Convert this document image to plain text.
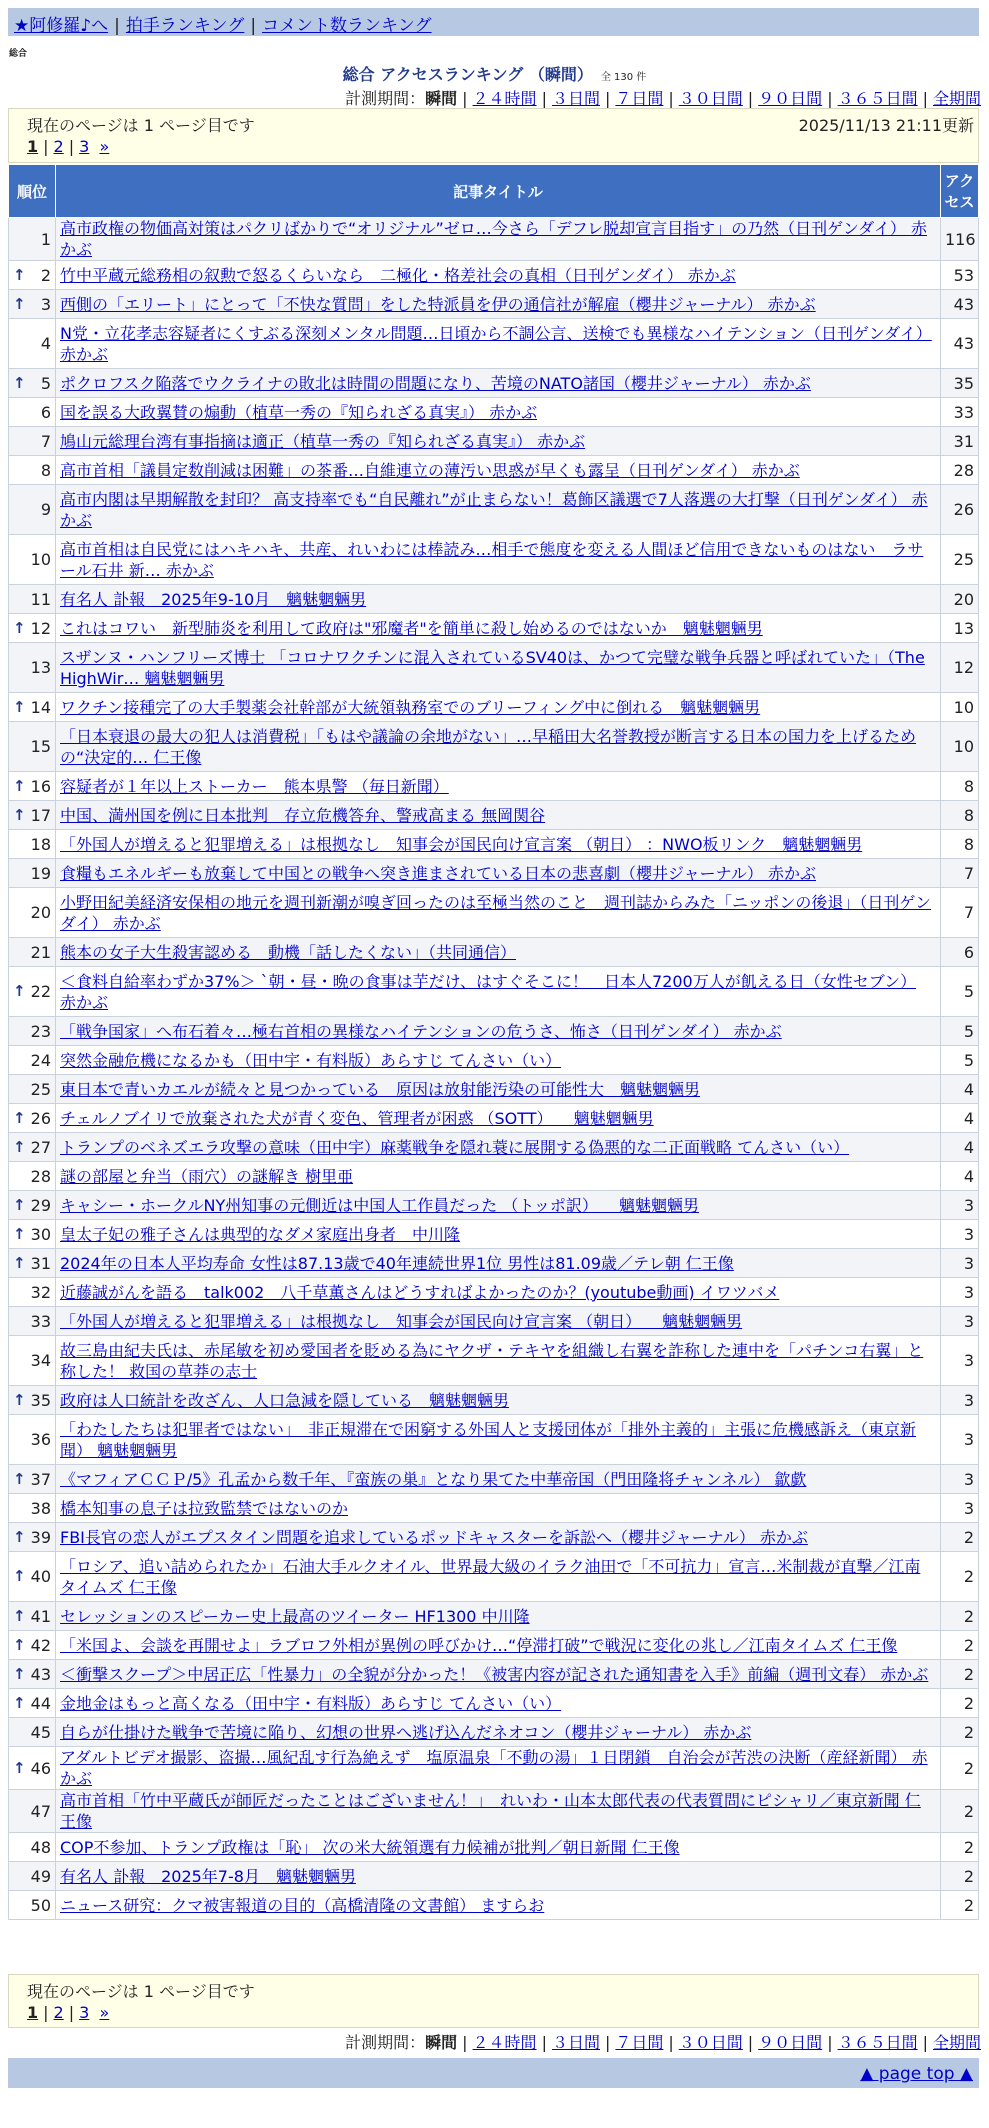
★阿修羅♪へ | 拍手ランキング | コメント数ランキング
総合
総合 アクセスランキング （瞬間） 全 130 件
計測期間：瞬間 | ２４時間 | ３日間 | ７日間 | ３０日間 | ９０日間 | ３６５日間 | 全期間
現在のページは 1 ページ目です	2025/11/13 21:11更新
1 | 2 | 3 »
順位	記事タイトル	アクセス
1	高市政権の物価高対策はパクリばかりで“オリジナル”ゼロ…今さら「デフレ脱却宣言目指す」の乃然（日刊ゲンダイ） 赤かぶ	116

↑ 2	竹中平蔵元総務相の叙勲で怒るくらいなら　二極化・格差社会の真相（日刊ゲンダイ） 赤かぶ	53

↑ 3	西側の「エリート」にとって「不快な質問」をした特派員を伊の通信社が解雇（櫻井ジャーナル） 赤かぶ	43
4	N党・立花孝志容疑者にくすぶる深刻メンタル問題…日頃から不調公言、送検でも異様なハイテンション（日刊ゲンダイ） 赤かぶ	43

↑ 5	ポクロフスク陥落でウクライナの敗北は時間の問題になり、苦境のNATO諸国（櫻井ジャーナル） 赤かぶ	35
6	国を誤る大政翼賛の煽動（植草一秀の『知られざる真実』） 赤かぶ	33
7	鳩山元総理台湾有事指摘は適正（植草一秀の『知られざる真実』） 赤かぶ	31
8	高市首相「議員定数削減は困難」の茶番…自維連立の薄汚い思惑が早くも露呈（日刊ゲンダイ） 赤かぶ	28
9	高市内閣は早期解散を封印？ 高支持率でも“自民離れ”が止まらない！葛飾区議選で7人落選の大打撃（日刊ゲンダイ） 赤かぶ	26
10	高市首相は自民党にはハキハキ、共産、れいわには棒読み…相手で態度を変える人間ほど信用できないものはない　ラサール石井 新… 赤かぶ	25
11	有名人 訃報　2025年9-10月　魑魅魍魎男	20

↑ 12	これはコワい　新型肺炎を利用して政府は"邪魔者"を簡単に殺し始めるのではないか　魑魅魍魎男	13
13	スザンヌ・ハンフリーズ博士 「コロナワクチンに混入されているSV40は、かつて完璧な戦争兵器と呼ばれていた」（The HighWir… 魑魅魍魎男	12

↑ 14	ワクチン接種完了の大手製薬会社幹部が大統領執務室でのブリーフィング中に倒れる　魑魅魍魎男	10
15	「日本衰退の最大の犯人は消費税」「もはや議論の余地がない」…早稲田大名誉教授が断言する日本の国力を上げるための“決定的… 仁王像	10

↑ 16	容疑者が１年以上ストーカー　熊本県警 （毎日新聞）	8

↑ 17	中国、満州国を例に日本批判　存立危機答弁、警戒高まる 無岡関谷	8
18	「外国人が増えると犯罪増える」は根拠なし　知事会が国民向け宣言案 （朝日） ：NWO板リンク　魑魅魍魎男	8
19	食糧もエネルギーも放棄して中国との戦争へ突き進まされている日本の悲喜劇（櫻井ジャーナル） 赤かぶ	7
20	小野田紀美経済安保相の地元を週刊新潮が嗅ぎ回ったのは至極当然のこと　週刊誌からみた「ニッポンの後退」（日刊ゲンダイ） 赤かぶ	7
21	熊本の女子大生殺害認める　動機「話したくない」（共同通信）	6

↑ 22	＜食料自給率わずか37%＞ `朝・昼・晩の食事は芋だけ、はすぐそこに！　日本人7200万人が飢える日（女性セブン） 赤かぶ	5
23	「戦争国家」へ布石着々…極右首相の異様なハイテンションの危うさ、怖さ（日刊ゲンダイ） 赤かぶ	5
24	突然金融危機になるかも（田中宇・有料版）あらすじ てんさい（い）	5
25	東日本で青いカエルが続々と見つかっている　原因は放射能汚染の可能性大　魑魅魍魎男	4

↑ 26	チェルノブイリで放棄された犬が青く変色、管理者が困惑 （SOTT） 　魑魅魍魎男	4

↑ 27	トランプのベネズエラ攻撃の意味（田中宇）麻薬戦争を隠れ蓑に展開する偽悪的な二正面戦略 てんさい（い）	4
28	謎の部屋と弁当（雨穴）の謎解き 樹里亜	4

↑ 29	キャシー・ホークルNY州知事の元側近は中国人工作員だった （トッポ訳） 　魑魅魍魎男	3

↑ 30	皇太子妃の雅子さんは典型的なダメ家庭出身者　中川隆	3

↑ 31	2024年の日本人平均寿命 女性は87.13歳で40年連続世界1位 男性は81.09歳／テレ朝 仁王像	3
32	近藤誠がんを語る　talk002　八千草薫さんはどうすればよかったのか？(youtube動画) イワツバメ	3
33	「外国人が増えると犯罪増える」は根拠なし　知事会が国民向け宣言案 （朝日） 　魑魅魍魎男	3
34	故三島由紀夫氏は、赤尾敏を初め愛国者を貶める為にヤクザ・テキヤを組織し右翼を詐称した連中を「パチンコ右翼」と称した！ 救国の草莽の志士	3

↑ 35	政府は人口統計を改ざん、人口急減を隠している　魑魅魍魎男	3
36	「わたしたちは犯罪者ではない」　非正規滞在で困窮する外国人と支援団体が「排外主義的」主張に危機感訴え（東京新聞） 魑魅魍魎男	3

↑ 37	《マフィアＣＣＰ/5》孔孟から数千年、『蛮族の巣』となり果てた中華帝国（門田隆将チャンネル） 歙歔	3
38	橋本知事の息子は拉致監禁ではないのか	3

↑ 39	FBI長官の恋人がエプスタイン問題を追求しているポッドキャスターを訴訟へ（櫻井ジャーナル） 赤かぶ	2

↑ 40	「ロシア、追い詰められたか」石油大手ルクオイル、世界最大級のイラク油田で「不可抗力」宣言…米制裁が直撃／江南タイムズ 仁王像	2

↑ 41	セレッションのスピーカー史上最高のツイーター HF1300 中川隆	2

↑ 42	「米国よ、会談を再開せよ」ラブロフ外相が異例の呼びかけ…“停滞打破”で戦況に変化の兆し／江南タイムズ 仁王像	2

↑ 43	＜衝撃スクープ＞中居正広「性暴力」の全貌が分かった！《被害内容が記された通知書を入手》前編（週刊文春） 赤かぶ	2

↑ 44	金地金はもっと高くなる（田中宇・有料版）あらすじ てんさい（い）	2
45	自らが仕掛けた戦争で苦境に陥り、幻想の世界へ逃げ込んだネオコン（櫻井ジャーナル） 赤かぶ	2

↑ 46	アダルトビデオ撮影、盗撮…風紀乱す行為絶えず　塩原温泉「不動の湯」１日閉鎖　自治会が苦渋の決断（産経新聞） 赤かぶ	2
47	高市首相「竹中平蔵氏が師匠だったことはございません！」　れいわ・山本太郎代表の代表質問にピシャリ／東京新聞 仁王像	2
48	COP不参加、トランプ政権は「恥」 次の米大統領選有力候補が批判／朝日新聞 仁王像	2
49	有名人 訃報　2025年7-8月　魑魅魍魎男	2
50	ニュース研究：クマ被害報道の目的（高橋清隆の文書館） ますらお	2
現在のページは 1 ページ目です
1 | 2 | 3 »
計測期間：瞬間 | ２４時間 | ３日間 | ７日間 | ３０日間 | ９０日間 | ３６５日間 | 全期間
▲ page top ▲
